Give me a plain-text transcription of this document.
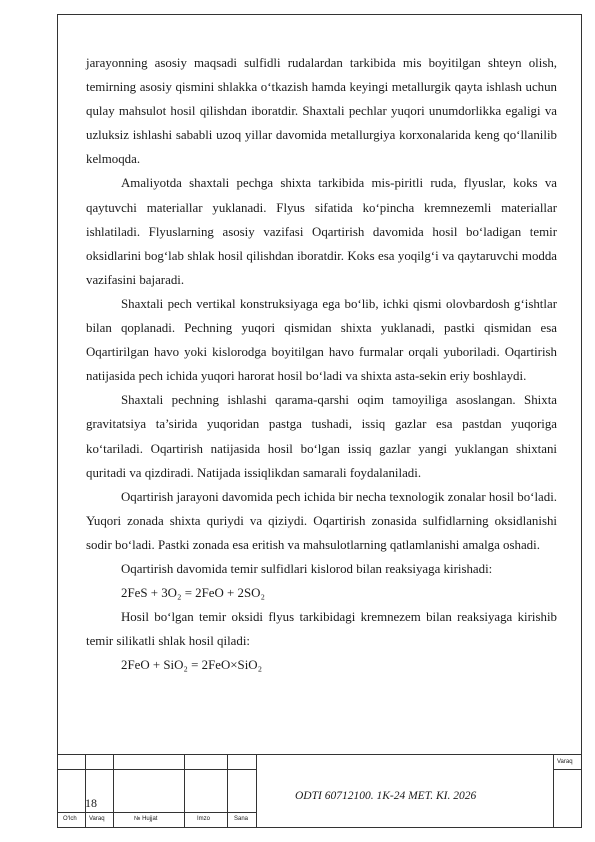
jarayonning asosiy maqsadi sulfidli rudalardan tarkibida mis boyitilgan shteyn olish, temirning asosiy qismini shlakka o‘tkazish hamda keyingi metallurgik qayta ishlash uchun qulay mahsulot hosil qilishdan iboratdir. Shaxtali pechlar yuqori unumdorlikka egaligi va uzluksiz ishlashi sababli uzoq yillar davomida metallurgiya korxonalarida keng qo‘llanilib kelmoqda.

Amaliyotda shaxtali pechga shixta tarkibida mis-piritli ruda, flyuslar, koks va qaytuvchi materiallar yuklanadi. Flyus sifatida ko‘pincha kremnezemli materiallar ishlatiladi. Flyuslarning asosiy vazifasi Oqartirish davomida hosil bo‘ladigan temir oksidlarini bog‘lab shlak hosil qilishdan iboratdir. Koks esa yoqilg‘i va qaytaruvchi modda vazifasini bajaradi.

Shaxtali pech vertikal konstruksiyaga ega bo‘lib, ichki qismi olovbardosh g‘ishtlar bilan qoplanadi. Pechning yuqori qismidan shixta yuklanadi, pastki qismidan esa Oqartirilgan havo yoki kislorodga boyitilgan havo furmalar orqali yuboriladi. Oqartirish natijasida pech ichida yuqori harorat hosil bo‘ladi va shixta asta-sekin eriy boshlaydi.

Shaxtali pechning ishlashi qarama-qarshi oqim tamoyiliga asoslangan. Shixta gravitatsiya ta’sirida yuqoridan pastga tushadi, issiq gazlar esa pastdan yuqoriga ko‘tariladi. Oqartirish natijasida hosil bo‘lgan issiq gazlar yangi yuklangan shixtani quritadi va qizdiradi. Natijada issiqlikdan samarali foydalaniladi.

Oqartirish jarayoni davomida pech ichida bir necha texnologik zonalar hosil bo‘ladi. Yuqori zonada shixta quriydi va qiziydi. Oqartirish zonasida sulfidlarning oksidlanishi sodir bo‘ladi. Pastki zonada esa eritish va mahsulotlarning qatlamlanishi amalga oshadi.

Oqartirish davomida temir sulfidlari kislorod bilan reaksiyaga kirishadi:

2FeS + 3O₂ = 2FeO + 2SO₂

Hosil bo‘lgan temir oksidi flyus tarkibidagi kremnezem bilan reaksiyaga kirishib temir silikatli shlak hosil qiladi:

2FeO + SiO₂ = 2FeO×SiO₂

18	ODTI 60712100. 1K-24 MET. KI. 2026
Varaq
O‘lch Varaq	№ Hujjat	Imzo	Sana
